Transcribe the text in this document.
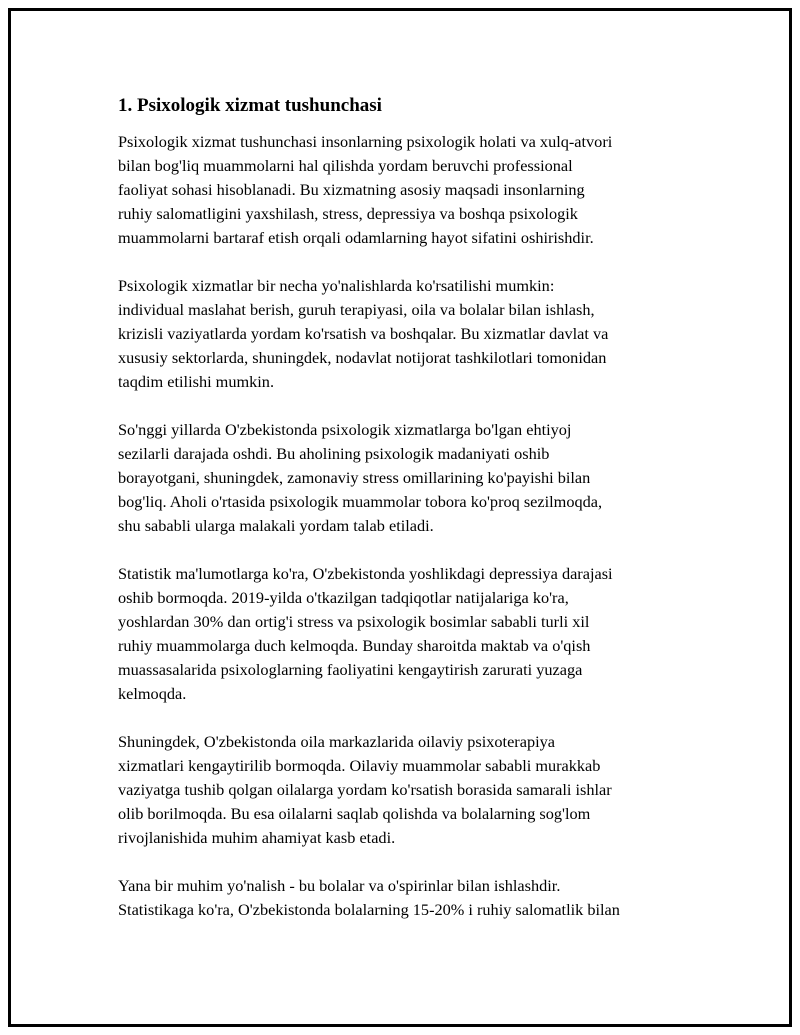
1. Psixologik xizmat tushunchasi

Psixologik xizmat tushunchasi insonlarning psixologik holati va xulq-atvori
bilan bog'liq muammolarni hal qilishda yordam beruvchi professional
faoliyat sohasi hisoblanadi. Bu xizmatning asosiy maqsadi insonlarning
ruhiy salomatligini yaxshilash, stress, depressiya va boshqa psixologik
muammolarni bartaraf etish orqali odamlarning hayot sifatini oshirishdir.

Psixologik xizmatlar bir necha yo'nalishlarda ko'rsatilishi mumkin:
individual maslahat berish, guruh terapiyasi, oila va bolalar bilan ishlash,
krizisli vaziyatlarda yordam ko'rsatish va boshqalar. Bu xizmatlar davlat va
xususiy sektorlarda, shuningdek, nodavlat notijorat tashkilotlari tomonidan
taqdim etilishi mumkin.

So'nggi yillarda O'zbekistonda psixologik xizmatlarga bo'lgan ehtiyoj
sezilarli darajada oshdi. Bu aholining psixologik madaniyati oshib
borayotgani, shuningdek, zamonaviy stress omillarining ko'payishi bilan
bog'liq. Aholi o'rtasida psixologik muammolar tobora ko'proq sezilmoqda,
shu sababli ularga malakali yordam talab etiladi.

Statistik ma'lumotlarga ko'ra, O'zbekistonda yoshlikdagi depressiya darajasi
oshib bormoqda. 2019-yilda o'tkazilgan tadqiqotlar natijalariga ko'ra,
yoshlardan 30% dan ortig'i stress va psixologik bosimlar sababli turli xil
ruhiy muammolarga duch kelmoqda. Bunday sharoitda maktab va o'qish
muassasalarida psixologlarning faoliyatini kengaytirish zarurati yuzaga
kelmoqda.

Shuningdek, O'zbekistonda oila markazlarida oilaviy psixoterapiya
xizmatlari kengaytirilib bormoqda. Oilaviy muammolar sababli murakkab
vaziyatga tushib qolgan oilalarga yordam ko'rsatish borasida samarali ishlar
olib borilmoqda. Bu esa oilalarni saqlab qolishda va bolalarning sog'lom
rivojlanishida muhim ahamiyat kasb etadi.

Yana bir muhim yo'nalish - bu bolalar va o'spirinlar bilan ishlashdir.
Statistikaga ko'ra, O'zbekistonda bolalarning 15-20% i ruhiy salomatlik bilan
